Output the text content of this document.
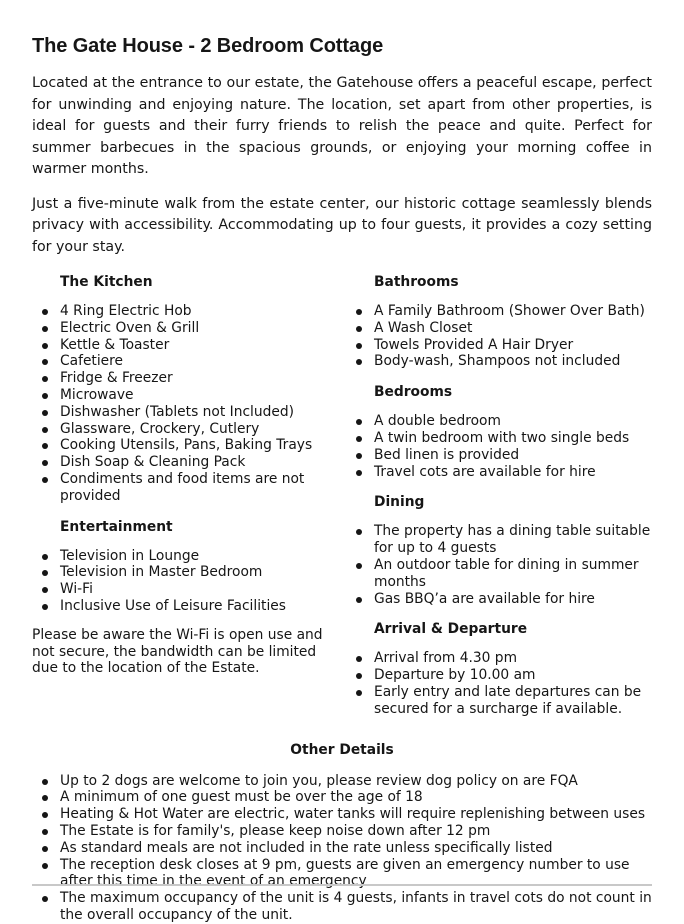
The Gate House - 2 Bedroom Cottage

Located at the entrance to our estate, the Gatehouse offers a peaceful escape, perfect for unwinding and enjoying nature. The location, set apart from other properties, is ideal for guests and their furry friends to relish the peace and quite. Perfect for summer barbecues in the spacious grounds, or enjoying your morning coffee in warmer months.

Just a five-minute walk from the estate center, our historic cottage seamlessly blends privacy with accessibility. Accommodating up to four guests, it provides a cozy setting for your stay.

The Kitchen
4 Ring Electric Hob
Electric Oven & Grill
Kettle & Toaster
Cafetiere
Fridge & Freezer
Microwave
Dishwasher (Tablets not Included)
Glassware, Crockery, Cutlery
Cooking Utensils, Pans, Baking Trays
Dish Soap & Cleaning Pack
Condiments and food items are not provided
Entertainment
Television in Lounge
Television in Master Bedroom
Wi-Fi
Inclusive Use of Leisure Facilities

Please be aware the Wi-Fi is open use and not secure, the bandwidth can be limited due to the location of the Estate.

Bathrooms
A Family Bathroom (Shower Over Bath)
A Wash Closet
Towels Provided A Hair Dryer
Body-wash, Shampoos not included
Bedrooms
A double bedroom
A twin bedroom with two single beds
Bed linen is provided
Travel cots are available for hire
Dining
The property has a dining table suitable for up to 4 guests
An outdoor table for dining in summer months
Gas BBQ’a are available for hire
Arrival & Departure
Arrival from 4.30 pm
Departure by 10.00 am
Early entry and late departures can be secured for a surcharge if available.
Other Details
Up to 2 dogs are welcome to join you, please review dog policy on are FQA
A minimum of one guest must be over the age of 18
Heating & Hot Water are electric, water tanks will require replenishing between uses
The Estate is for family's, please keep noise down after 12 pm
As standard meals are not included in the rate unless specifically listed
The reception desk closes at 9 pm, guests are given an emergency number to use after this time in the event of an emergency
The maximum occupancy of the unit is 4 guests, infants in travel cots do not count in the overall occupancy of the unit.
